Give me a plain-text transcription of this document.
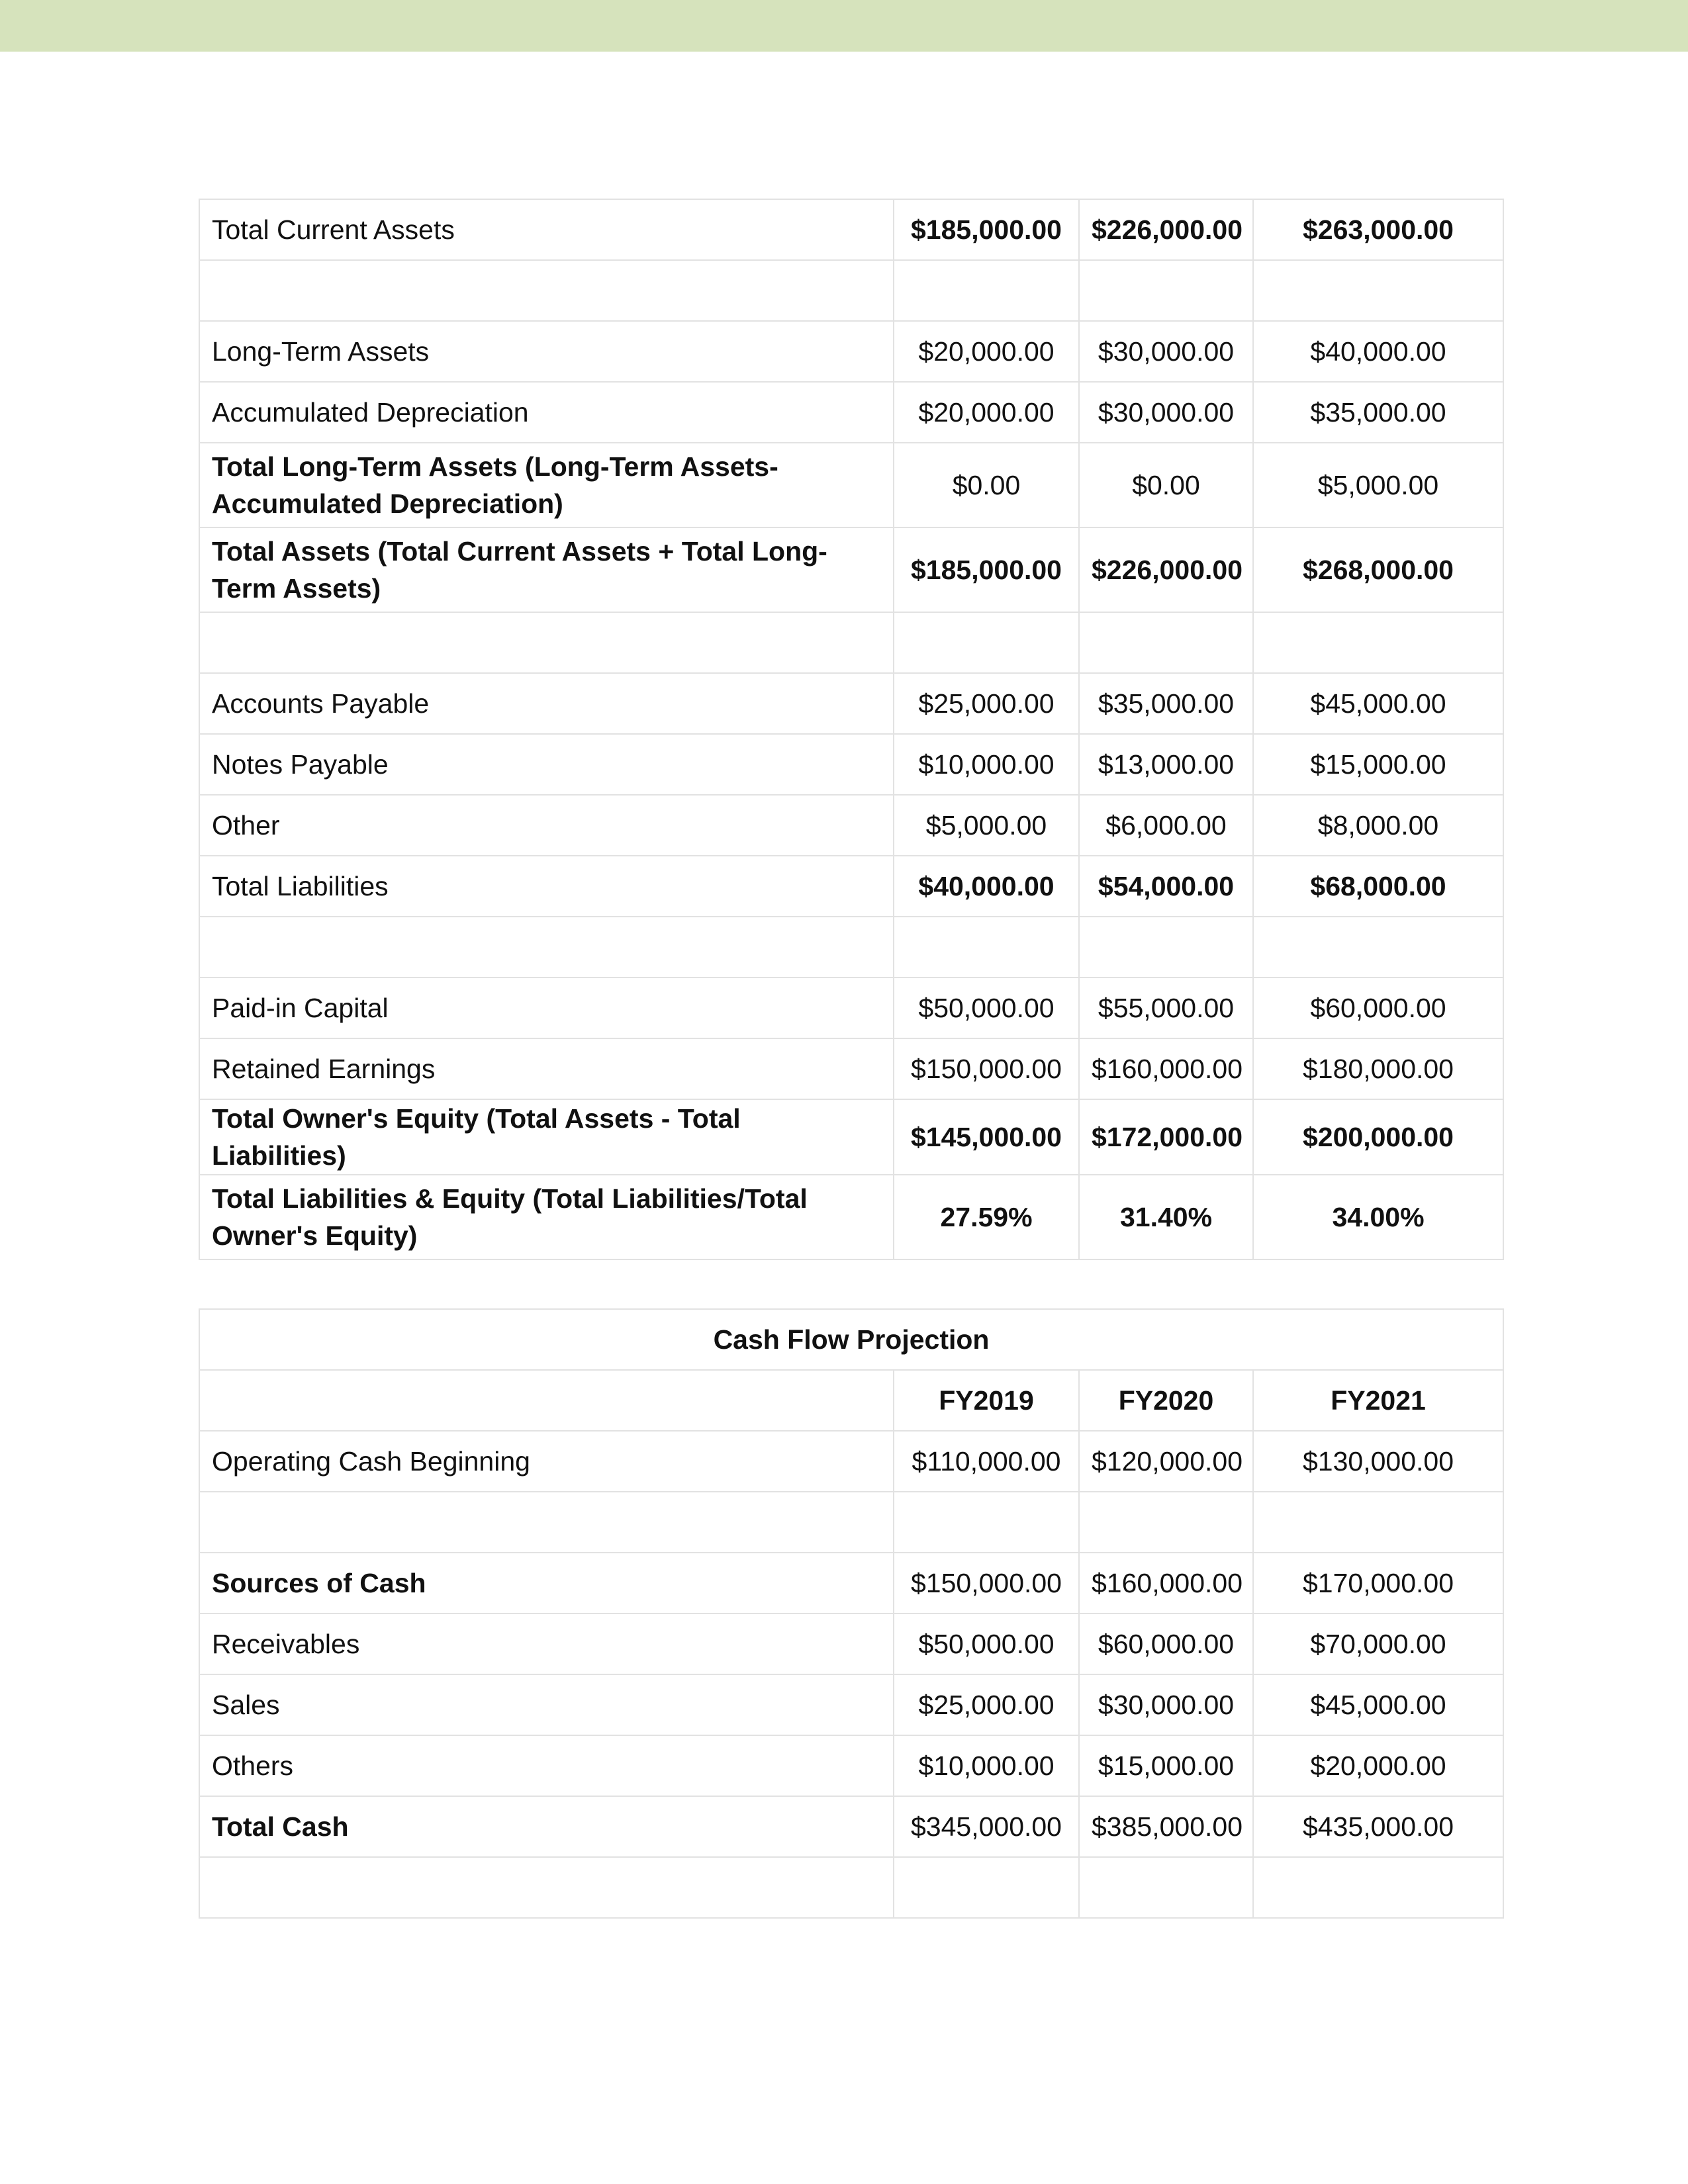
Total Current Assets	$185,000.00	$226,000.00	$263,000.00

Long-Term Assets	$20,000.00	$30,000.00	$40,000.00
Accumulated Depreciation	$20,000.00	$30,000.00	$35,000.00
Total Long-Term Assets (Long-Term Assets-Accumulated Depreciation)	$0.00	$0.00	$5,000.00
Total Assets (Total Current Assets + Total Long-Term Assets)	$185,000.00	$226,000.00	$268,000.00

Accounts Payable	$25,000.00	$35,000.00	$45,000.00
Notes Payable	$10,000.00	$13,000.00	$15,000.00
Other	$5,000.00	$6,000.00	$8,000.00
Total Liabilities	$40,000.00	$54,000.00	$68,000.00

Paid-in Capital	$50,000.00	$55,000.00	$60,000.00
Retained Earnings	$150,000.00	$160,000.00	$180,000.00
Total Owner's Equity (Total Assets - Total Liabilities)	$145,000.00	$172,000.00	$200,000.00
Total Liabilities & Equity (Total Liabilities/Total Owner's Equity)	27.59%	31.40%	34.00%
Cash Flow Projection			
	FY2019	FY2020	FY2021
Operating Cash Beginning	$110,000.00	$120,000.00	$130,000.00

Sources of Cash	$150,000.00	$160,000.00	$170,000.00
Receivables	$50,000.00	$60,000.00	$70,000.00
Sales	$25,000.00	$30,000.00	$45,000.00
Others	$10,000.00	$15,000.00	$20,000.00
Total Cash	$345,000.00	$385,000.00	$435,000.00
